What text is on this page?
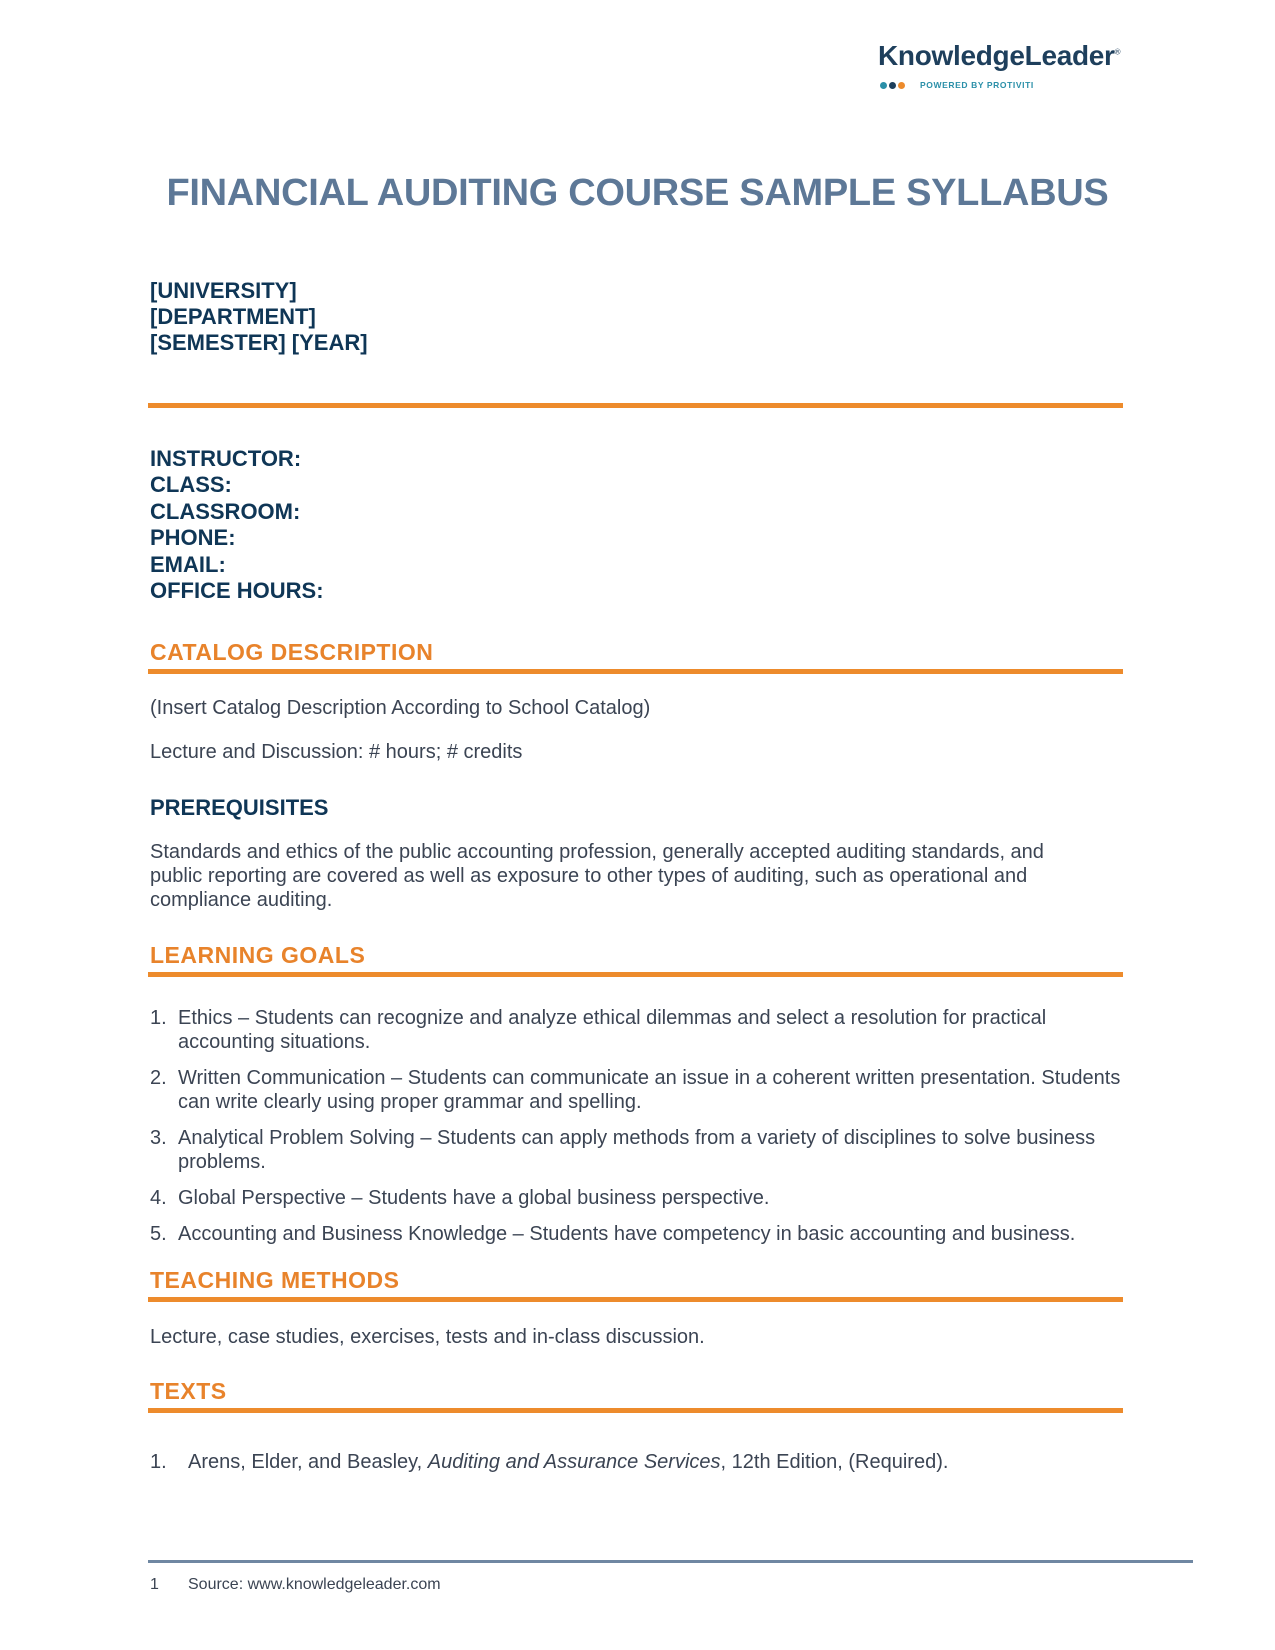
KnowledgeLeader®
POWERED BY PROTIVITI
FINANCIAL AUDITING COURSE SAMPLE SYLLABUS
[UNIVERSITY]
[DEPARTMENT]
[SEMESTER] [YEAR]
INSTRUCTOR:
CLASS:
CLASSROOM:
PHONE:
EMAIL:
OFFICE HOURS:
CATALOG DESCRIPTION
(Insert Catalog Description According to School Catalog)
Lecture and Discussion: # hours; # credits
PREREQUISITES
Standards and ethics of the public accounting profession, generally accepted auditing standards, and
public reporting are covered as well as exposure to other types of auditing, such as operational and
compliance auditing.
LEARNING GOALS
1. Ethics – Students can recognize and analyze ethical dilemmas and select a resolution for practical accounting situations.
2. Written Communication – Students can communicate an issue in a coherent written presentation. Students can write clearly using proper grammar and spelling.
3. Analytical Problem Solving – Students can apply methods from a variety of disciplines to solve business problems.
4. Global Perspective – Students have a global business perspective.
5. Accounting and Business Knowledge – Students have competency in basic accounting and business.
TEACHING METHODS
Lecture, case studies, exercises, tests and in-class discussion.
TEXTS
1. Arens, Elder, and Beasley, Auditing and Assurance Services, 12th Edition, (Required).
1 Source: www.knowledgeleader.com
